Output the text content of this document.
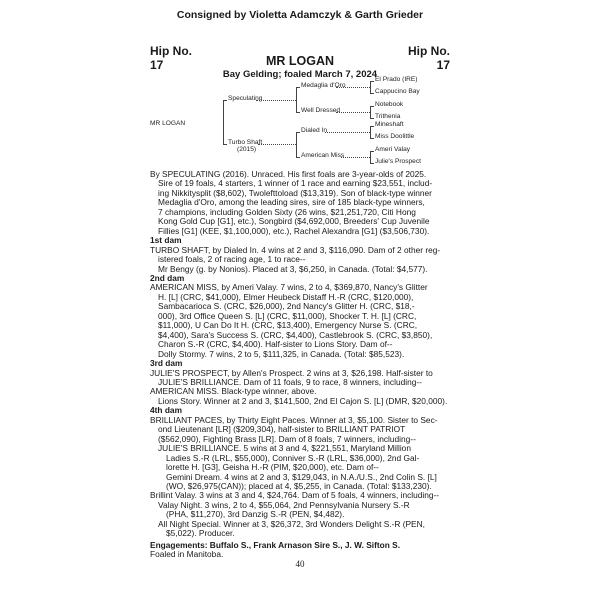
Consigned by Violetta Adamczyk & Garth Grieder
Hip No.
17
Hip No.
17
MR LOGAN
Bay Gelding; foaled March 7, 2024
MR LOGAN
Speculating
Turbo Shaft
(2015)
Medaglia d'Oro
Well Dressed
Dialed In
American Miss
El Prado (IRE)
Cappucino Bay
Notebook
Trithenia
Mineshaft
Miss Doolittle
Ameri Valay
Julie's Prospect

By SPECULATING (2016). Unraced. His first foals are 3-year-olds of 2025.

Sire of 19 foals, 4 starters, 1 winner of 1 race and earning $23,551, includ-

ing Nikkitysplit ($8,602), Twolefttoload ($13,319). Son of black-type winner

Medaglia d'Oro, among the leading sires, sire of 185 black-type winners,

7 champions, including Golden Sixty (26 wins, $21,251,720, Citi Hong

Kong Gold Cup [G1], etc.), Songbird ($4,692,000, Breeders' Cup Juvenile

Fillies [G1] (KEE, $1,100,000), etc.), Rachel Alexandra [G1] ($3,506,730).

1st dam

TURBO SHAFT, by Dialed In. 4 wins at 2 and 3, $116,090. Dam of 2 other reg-

istered foals, 2 of racing age, 1 to race--

Mr Bengy (g. by Nonios). Placed at 3, $6,250, in Canada. (Total: $4,577).

2nd dam

AMERICAN MISS, by Ameri Valay. 7 wins, 2 to 4, $369,870, Nancy's Glitter

H. [L] (CRC, $41,000), Elmer Heubeck Distaff H.-R (CRC, $120,000),

Sambacarioca S. (CRC, $26,000), 2nd Nancy's Glitter H. (CRC, $18,-

000), 3rd Office Queen S. [L] (CRC, $11,000), Shocker T. H. [L] (CRC,

$11,000), U Can Do It H. (CRC, $13,400), Emergency Nurse S. (CRC,

$4,400), Sara's Success S. (CRC, $4,400), Castlebrook S. (CRC, $3,850),

Charon S.-R (CRC, $4,400). Half-sister to Lions Story. Dam of--

Dolly Stormy. 7 wins, 2 to 5, $111,325, in Canada. (Total: $85,523).

3rd dam

JULIE'S PROSPECT, by Allen's Prospect. 2 wins at 3, $26,198. Half-sister to

JULIE'S BRILLIANCE. Dam of 11 foals, 9 to race, 8 winners, including--

AMERICAN MISS. Black-type winner, above.

Lions Story. Winner at 2 and 3, $141,500, 2nd El Cajon S. [L] (DMR, $20,000).

4th dam

BRILLIANT PACES, by Thirty Eight Paces. Winner at 3, $5,100. Sister to Sec-

ond Lieutenant [LR] ($209,304), half-sister to BRILLIANT PATRIOT

($562,090), Fighting Brass [LR]. Dam of 8 foals, 7 winners, including--

JULIE'S BRILLIANCE. 5 wins at 3 and 4, $221,551, Maryland Million

Ladies S.-R (LRL, $55,000), Conniver S.-R (LRL, $36,000), 2nd Gal-

lorette H. [G3], Geisha H.-R (PIM, $20,000), etc. Dam of--

Gemini Dream. 4 wins at 2 and 3, $129,043, in N.A./U.S., 2nd Colin S. [L]

(WO, $26,975(CAN)); placed at 4, $5,255, in Canada. (Total: $133,230).

Brillint Valay. 3 wins at 3 and 4, $24,764. Dam of 5 foals, 4 winners, including--

Valay Night. 3 wins, 2 to 4, $55,064, 2nd Pennsylvania Nursery S.-R

(PHA, $11,270), 3rd Danzig S.-R (PEN, $4,482).

All Night Special. Winner at 3, $26,372, 3rd Wonders Delight S.-R (PEN,

$5,022). Producer.

Engagements: Buffalo S., Frank Arnason Sire S., J. W. Sifton S.

Foaled in Manitoba.

40
